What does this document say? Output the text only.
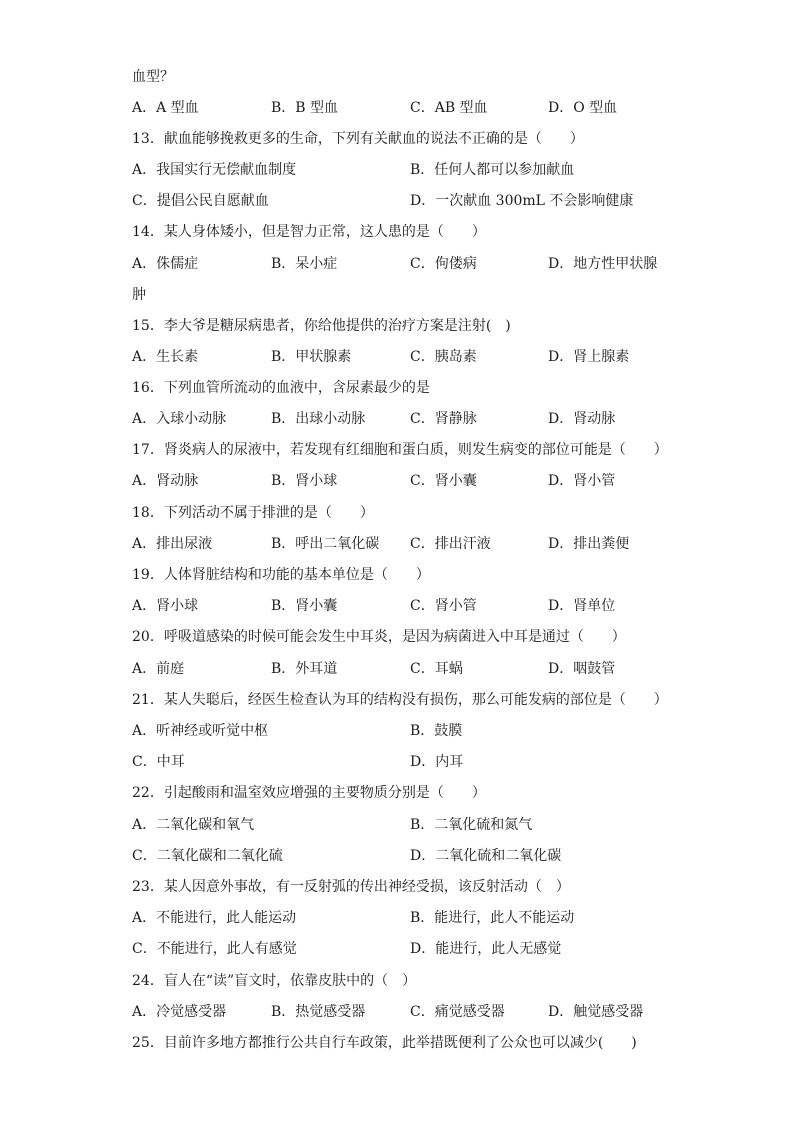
血型？
A．A 型血	B．B 型血	C．AB 型血	D．O 型血
13．献血能够挽救更多的生命，下列有关献血的说法不正确的是（　　）
A．我国实行无偿献血制度	B．任何人都可以参加献血
C．提倡公民自愿献血	D．一次献血 300mL 不会影响健康
14．某人身体矮小，但是智力正常，这人患的是（　　）
A．侏儒症	B．呆小症	C．佝偻病	D．地方性甲状腺
肿
15．李大爷是糖尿病患者，你给他提供的治疗方案是注射(　)
A．生长素	B．甲状腺素	C．胰岛素	D．肾上腺素
16．下列血管所流动的血液中，含尿素最少的是
A．入球小动脉	B．出球小动脉	C．肾静脉	D．肾动脉
17．肾炎病人的尿液中，若发现有红细胞和蛋白质，则发生病变的部位可能是（　　）
A．肾动脉	B．肾小球	C．肾小囊	D．肾小管
18．下列活动不属于排泄的是（　　）
A．排出尿液	B．呼出二氧化碳 C．排出汗液	D．排出粪便
19．人体肾脏结构和功能的基本单位是（　　）
A．肾小球	B．肾小囊	C．肾小管	D．肾单位
20．呼吸道感染的时候可能会发生中耳炎，是因为病菌进入中耳是通过（　　）
A．前庭	B．外耳道	C．耳蜗	D．咽鼓管
21．某人失聪后，经医生检查认为耳的结构没有损伤，那么可能发病的部位是（　　）
A．听神经或听觉中枢	B．鼓膜
C．中耳	D．内耳
22．引起酸雨和温室效应增强的主要物质分别是（　　）
A．二氧化碳和氧气	B．二氧化硫和氮气
C．二氧化碳和二氧化硫	D．二氧化硫和二氧化碳
23．某人因意外事故，有一反射弧的传出神经受损，该反射活动（　）
A．不能进行，此人能运动	B．能进行，此人不能运动
C．不能进行，此人有感觉	D．能进行，此人无感觉
24．盲人在“读”盲文时，依靠皮肤中的（　）
A．冷觉感受器	B．热觉感受器	C．痛觉感受器	D．触觉感受器
25．目前许多地方都推行公共自行车政策，此举措既便利了公众也可以减少(　　)
